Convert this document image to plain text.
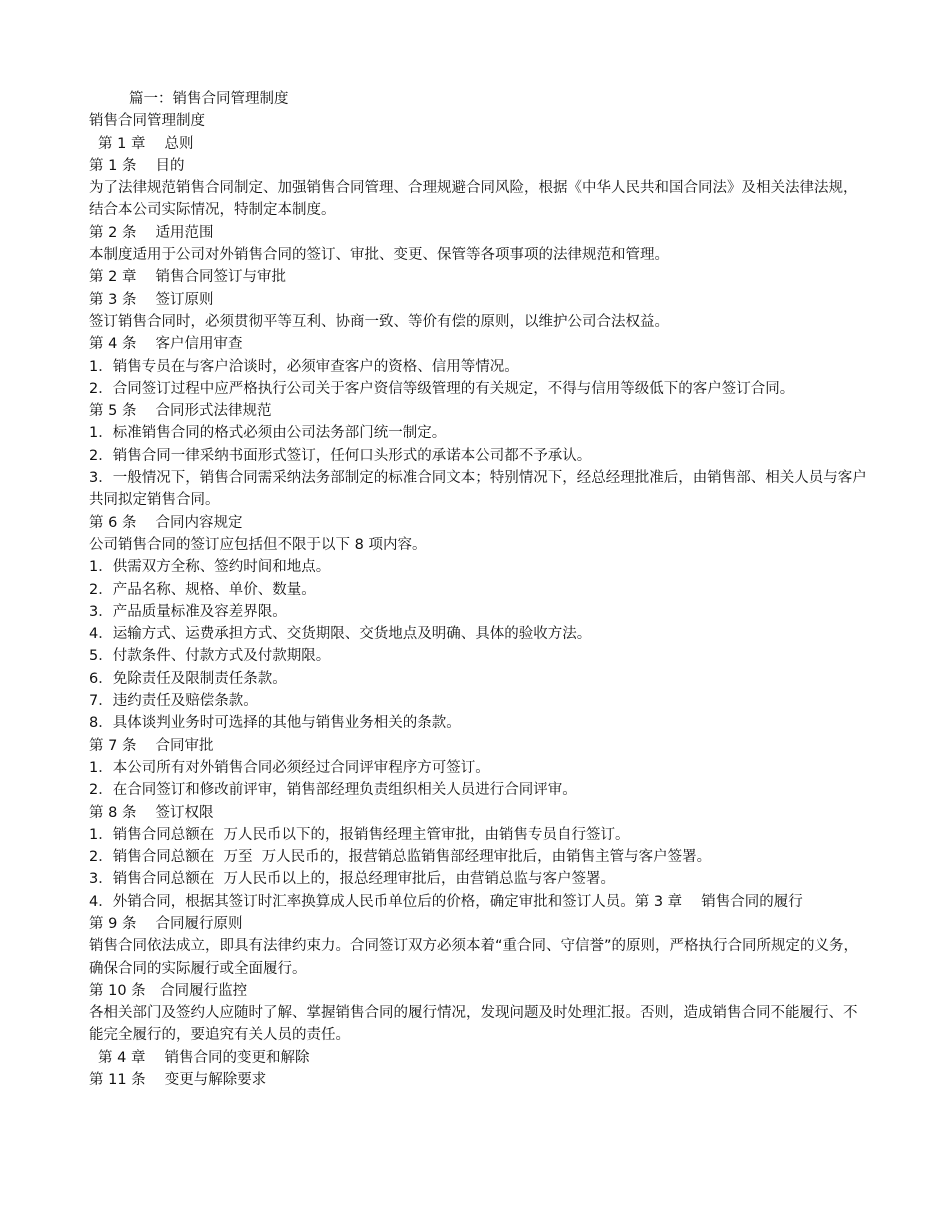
篇一：销售合同管理制度

销售合同管理制度

第 1 章　 总则

第 1 条　 目的

为了法律规范销售合同制定、加强销售合同管理、合理规避合同风险，根据《中华人民共和国合同法》及相关法律法规，结合本公司实际情况，特制定本制度。

第 2 条　 适用范围

本制度适用于公司对外销售合同的签订、审批、变更、保管等各项事项的法律规范和管理。

第 2 章　 销售合同签订与审批

第 3 条　 签订原则

签订销售合同时，必须贯彻平等互利、协商一致、等价有偿的原则，以维护公司合法权益。

第 4 条　 客户信用审查

1．销售专员在与客户洽谈时，必须审查客户的资格、信用等情况。

2．合同签订过程中应严格执行公司关于客户资信等级管理的有关规定，不得与信用等级低下的客户签订合同。

第 5 条　 合同形式法律规范

1．标准销售合同的格式必须由公司法务部门统一制定。

2．销售合同一律采纳书面形式签订，任何口头形式的承诺本公司都不予承认。

3．一般情况下，销售合同需采纳法务部制定的标准合同文本；特别情况下，经总经理批准后，由销售部、相关人员与客户共同拟定销售合同。

第 6 条　 合同内容规定

公司销售合同的签订应包括但不限于以下 8 项内容。

1．供需双方全称、签约时间和地点。

2．产品名称、规格、单价、数量。

3．产品质量标准及容差界限。

4．运输方式、运费承担方式、交货期限、交货地点及明确、具体的验收方法。

5．付款条件、付款方式及付款期限。

6．免除责任及限制责任条款。

7．违约责任及赔偿条款。

8．具体谈判业务时可选择的其他与销售业务相关的条款。

第 7 条　 合同审批

1．本公司所有对外销售合同必须经过合同评审程序方可签订。

2．在合同签订和修改前评审，销售部经理负责组织相关人员进行合同评审。

第 8 条　 签订权限

1．销售合同总额在  万人民币以下的，报销售经理主管审批，由销售专员自行签订。

2．销售合同总额在  万至  万人民币的，报营销总监销售部经理审批后，由销售主管与客户签署。

3．销售合同总额在  万人民币以上的，报总经理审批后，由营销总监与客户签署。

4．外销合同，根据其签订时汇率换算成人民币单位后的价格，确定审批和签订人员。第 3 章　 销售合同的履行

第 9 条　 合同履行原则

销售合同依法成立，即具有法律约束力。合同签订双方必须本着“重合同、守信誉”的原则，严格执行合同所规定的义务，确保合同的实际履行或全面履行。

第 10 条　合同履行监控

各相关部门及签约人应随时了解、掌握销售合同的履行情况，发现问题及时处理汇报。否则，造成销售合同不能履行、不能完全履行的，要追究有关人员的责任。

第 4 章　 销售合同的变更和解除

第 11 条　 变更与解除要求
